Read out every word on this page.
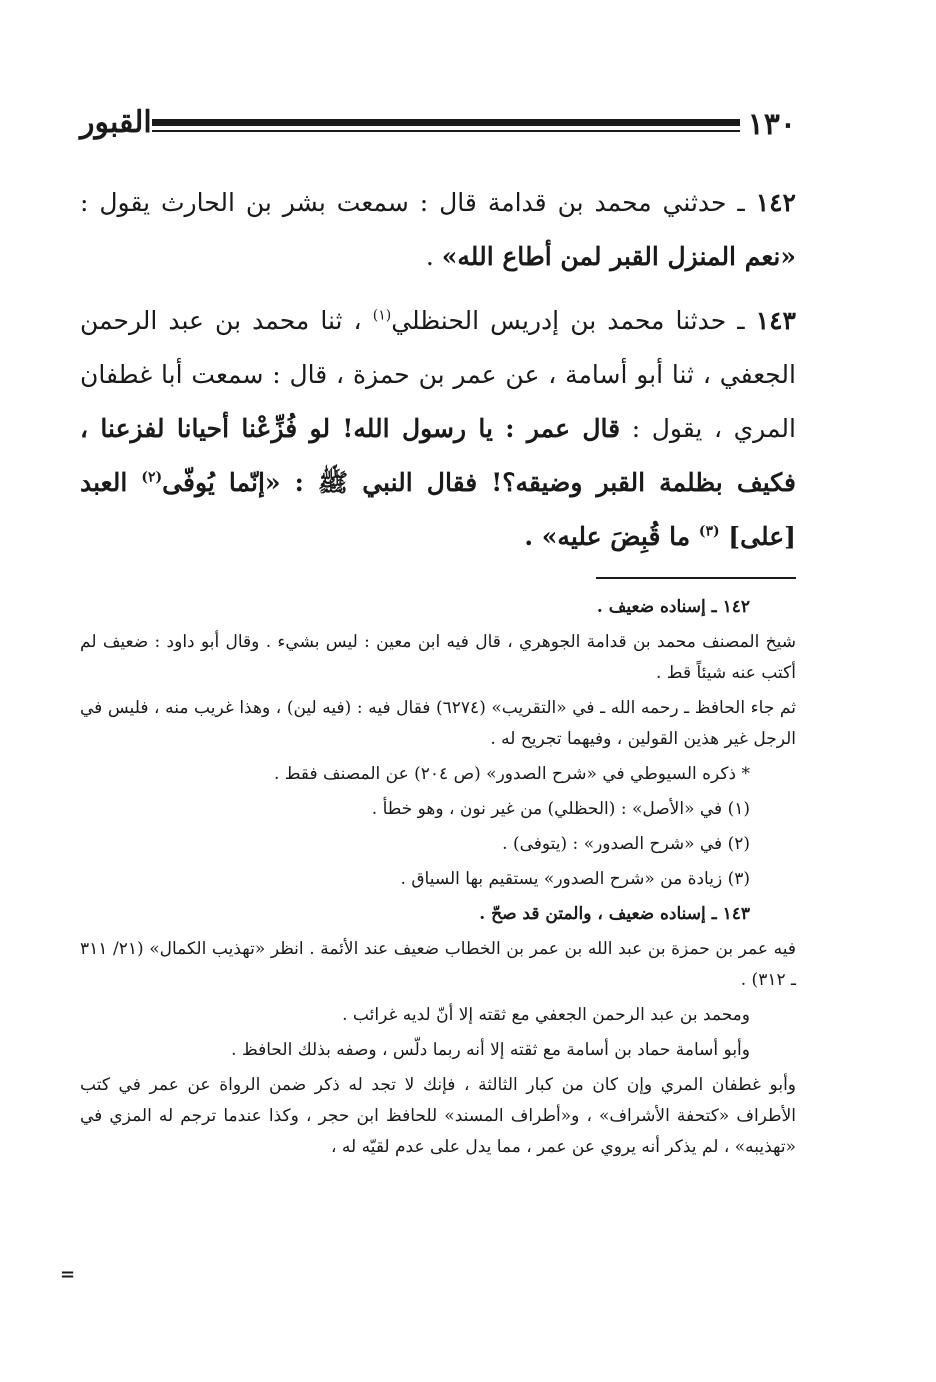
١٣٠
القبور

١٤٢ ـ حدثني محمد بن قدامة قال : سمعت بشر بن الحارث يقول : «نعم المنزل القبر لمن أطاع الله» .

١٤٣ ـ حدثنا محمد بن إدريس الحنظلي$^{(١)}$ ، ثنا محمد بن عبد الرحمن الجعفي ، ثنا أبو أسامة ، عن عمر بن حمزة ، قال : سمعت أبا غطفان المري ، يقول : قال عمر : يا رسول الله! لو فُزِّعْنا أحيانا لفزعنا ، فكيف بظلمة القبر وضيقه؟! فقال النبي ﷺ : «إنّما يُوفّى$^{(٢)}$ العبد [على] $^{(٣)}$ ما قُبِضَ عليه» .

١٤٢ ـ إسناده ضعيف .

شيخ المصنف محمد بن قدامة الجوهري ، قال فيه ابن معين : ليس بشيء . وقال أبو داود : ضعيف لم أكتب عنه شيئاً قط .

ثم جاء الحافظ ـ رحمه الله ـ في «التقريب» (٦٢٧٤) فقال فيه : (فيه لين) ، وهذا غريب منه ، فليس في الرجل غير هذين القولين ، وفيهما تجريح له .

* ذكره السيوطي في «شرح الصدور» (ص ٢٠٤) عن المصنف فقط .

(١) في «الأصل» : (الحظلي) من غير نون ، وهو خطأ .

(٢) في «شرح الصدور» : (يتوفى) .

(٣) زيادة من «شرح الصدور» يستقيم بها السياق .

١٤٣ ـ إسناده ضعيف ، والمتن قد صحّ .

فيه عمر بن حمزة بن عبد الله بن عمر بن الخطاب ضعيف عند الأئمة . انظر «تهذيب الكمال» (٢١/ ٣١١ ـ ٣١٢) .

ومحمد بن عبد الرحمن الجعفي مع ثقته إلا أنّ لديه غرائب .

وأبو أسامة حماد بن أسامة مع ثقته إلا أنه ربما دلّس ، وصفه بذلك الحافظ .

وأبو غطفان المري وإن كان من كبار الثالثة ، فإنك لا تجد له ذكر ضمن الرواة عن عمر في كتب الأطراف «كتحفة الأشراف» ، و«أطراف المسند» للحافظ ابن حجر ، وكذا عندما ترجم له المزي في «تهذيبه» ، لم يذكر أنه يروي عن عمر ، مما يدل على عدم لقيّه له ،

=
